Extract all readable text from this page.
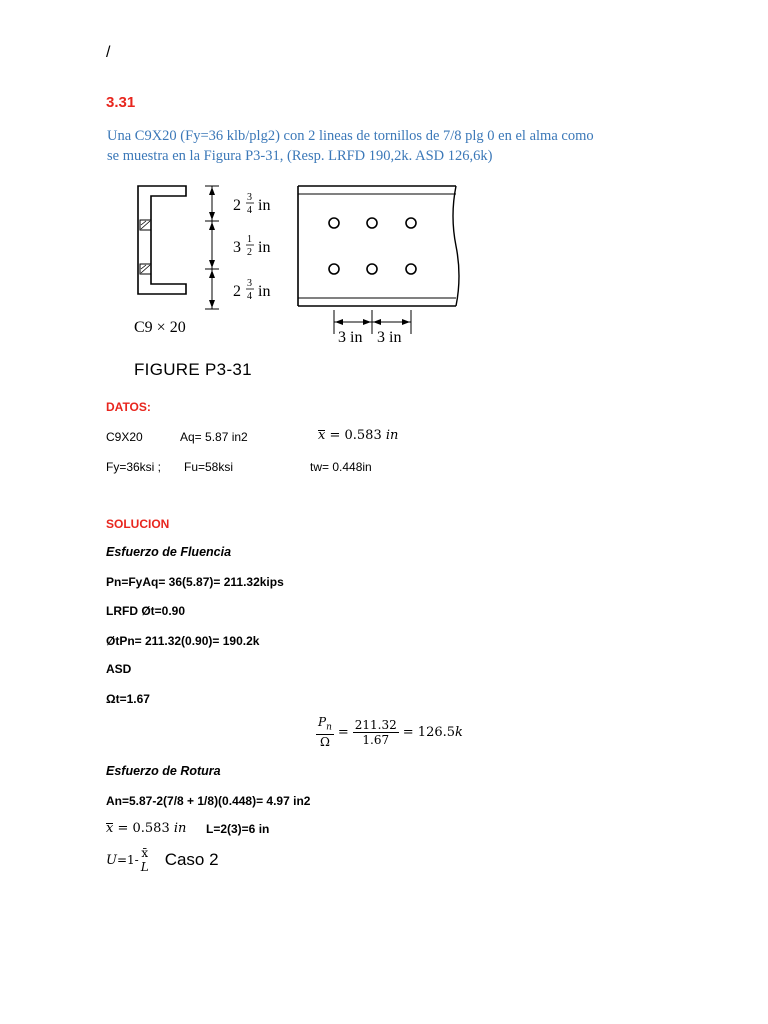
/
3.31
Una C9X20 (Fy=36 klb/plg2) con 2 lineas de tornillos de 7/8 plg 0 en el alma como
se muestra en la Figura P3-31, (Resp. LRFD 190,2k. ASD 126,6k)
2 3
4 in
3 1
2 in
2 3
4 in
C9 × 20
3 in 3 in
FIGURE P3-31
DATOS:
C9X20	Aq= 5.87 in2	x = 0.583 in
Fy=36ksi ; Fu=58ksi	tw= 0.448in
SOLUCION
Esfuerzo de Fluencia
Pn=FyAq= 36(5.87)= 211.32kips
LRFD Øt=0.90
ØtPn= 211.32(0.90)= 190.2k
ASD
Ωt=1.67
$\frac{P_n}{\Omega} = \frac{211.32}{1.67} = 126.5$ k
Esfuerzo de Rotura
An=5.87-2(7/8 + 1/8)(0.448)= 4.97 in2
x = 0.583 in L=2(3)=6 in
U =1- x̄
L Caso 2
